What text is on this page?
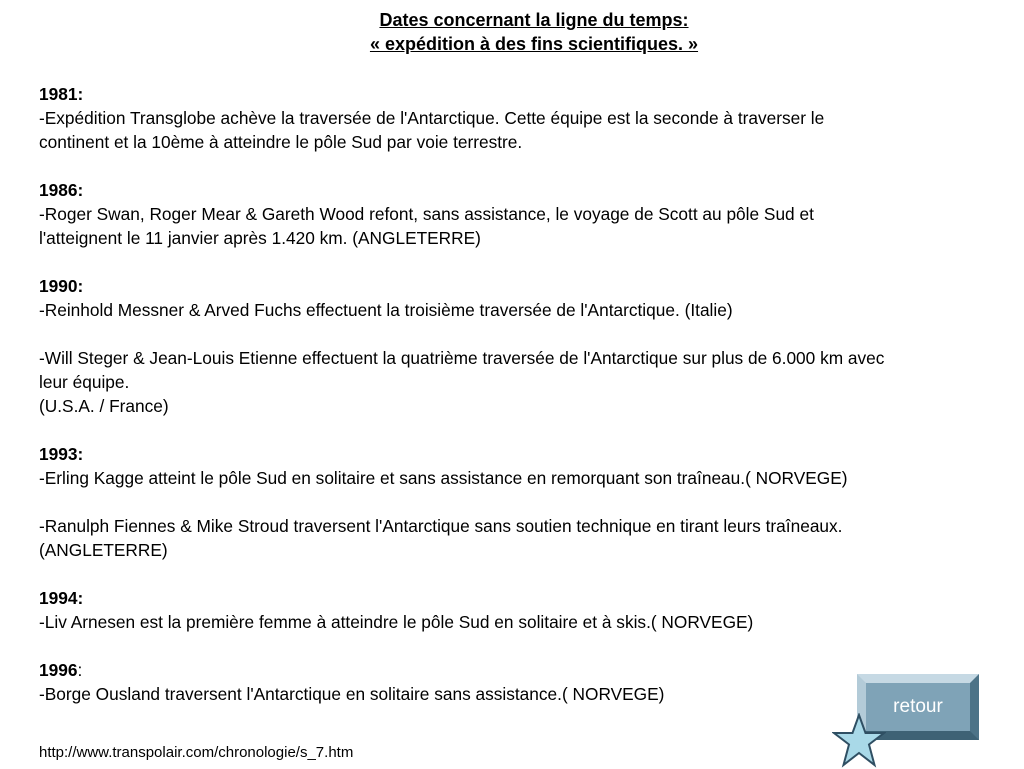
Dates concernant la ligne du temps:
« expédition à des fins scientifiques. »
1981:
-Expédition Transglobe achève la traversée de l'Antarctique. Cette équipe est la seconde à traverser le
continent et la 10ème à atteindre le pôle Sud par voie terrestre.
1986:
-Roger Swan, Roger Mear & Gareth Wood refont, sans assistance, le voyage de Scott au pôle Sud et
l'atteignent le 11 janvier après 1.420 km. (ANGLETERRE)
1990:
-Reinhold Messner & Arved Fuchs effectuent la troisième traversée de l'Antarctique. (Italie)
-Will Steger & Jean-Louis Etienne effectuent la quatrième traversée de l'Antarctique sur plus de 6.000 km avec
leur équipe.
(U.S.A. / France)
1993:
-Erling Kagge atteint le pôle Sud en solitaire et sans assistance en remorquant son traîneau.( NORVEGE)
-Ranulph Fiennes & Mike Stroud traversent l'Antarctique sans soutien technique en tirant leurs traîneaux.
(ANGLETERRE)
1994:
-Liv Arnesen est la première femme à atteindre le pôle Sud en solitaire et à skis.( NORVEGE)
1996:
-Borge Ousland traversent l'Antarctique en solitaire sans assistance.( NORVEGE)
http://www.transpolair.com/chronologie/s_7.htm
retour
